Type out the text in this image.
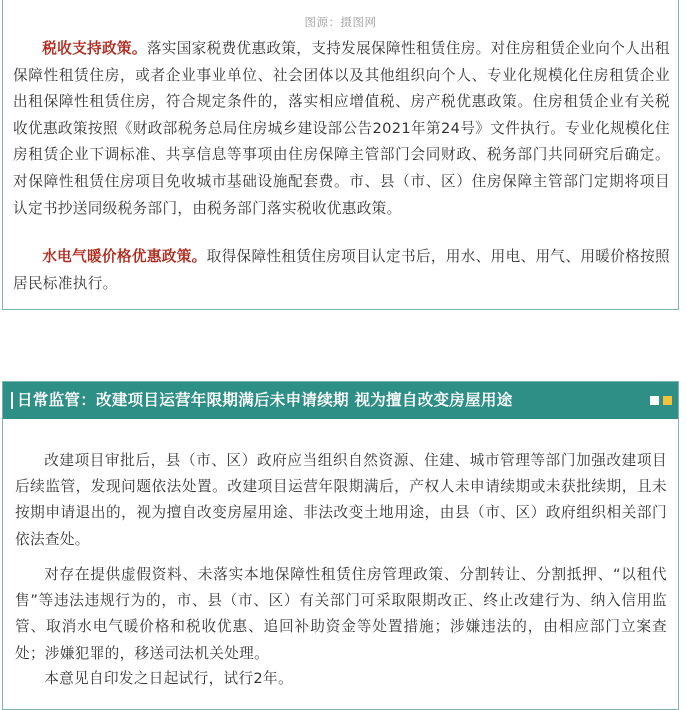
图源：摄图网

税收支持政策。落实国家税费优惠政策，支持发展保障性租赁住房。对住房租赁企业向个人出租保障性租赁住房，或者企业事业单位、社会团体以及其他组织向个人、专业化规模化住房租赁企业出租保障性租赁住房，符合规定条件的，落实相应增值税、房产税优惠政策。住房租赁企业有关税收优惠政策按照《财政部税务总局住房城乡建设部公告2021年第24号》文件执行。专业化规模化住房租赁企业下调标准、共享信息等事项由住房保障主管部门会同财政、税务部门共同研究后确定。对保障性租赁住房项目免收城市基础设施配套费。市、县（市、区）住房保障主管部门定期将项目认定书抄送同级税务部门，由税务部门落实税收优惠政策。

水电气暖价格优惠政策。取得保障性租赁住房项目认定书后，用水、用电、用气、用暖价格按照居民标准执行。

日常监管：改建项目运营年限期满后未申请续期 视为擅自改变房屋用途

改建项目审批后，县（市、区）政府应当组织自然资源、住建、城市管理等部门加强改建项目后续监管，发现问题依法处置。改建项目运营年限期满后，产权人未申请续期或未获批续期，且未按期申请退出的，视为擅自改变房屋用途、非法改变土地用途，由县（市、区）政府组织相关部门依法查处。

对存在提供虚假资料、未落实本地保障性租赁住房管理政策、分割转让、分割抵押、“以租代售”等违法违规行为的，市、县（市、区）有关部门可采取限期改正、终止改建行为、纳入信用监管、取消水电气暖价格和税收优惠、追回补助资金等处置措施；涉嫌违法的，由相应部门立案查处；涉嫌犯罪的，移送司法机关处理。

本意见自印发之日起试行，试行2年。
